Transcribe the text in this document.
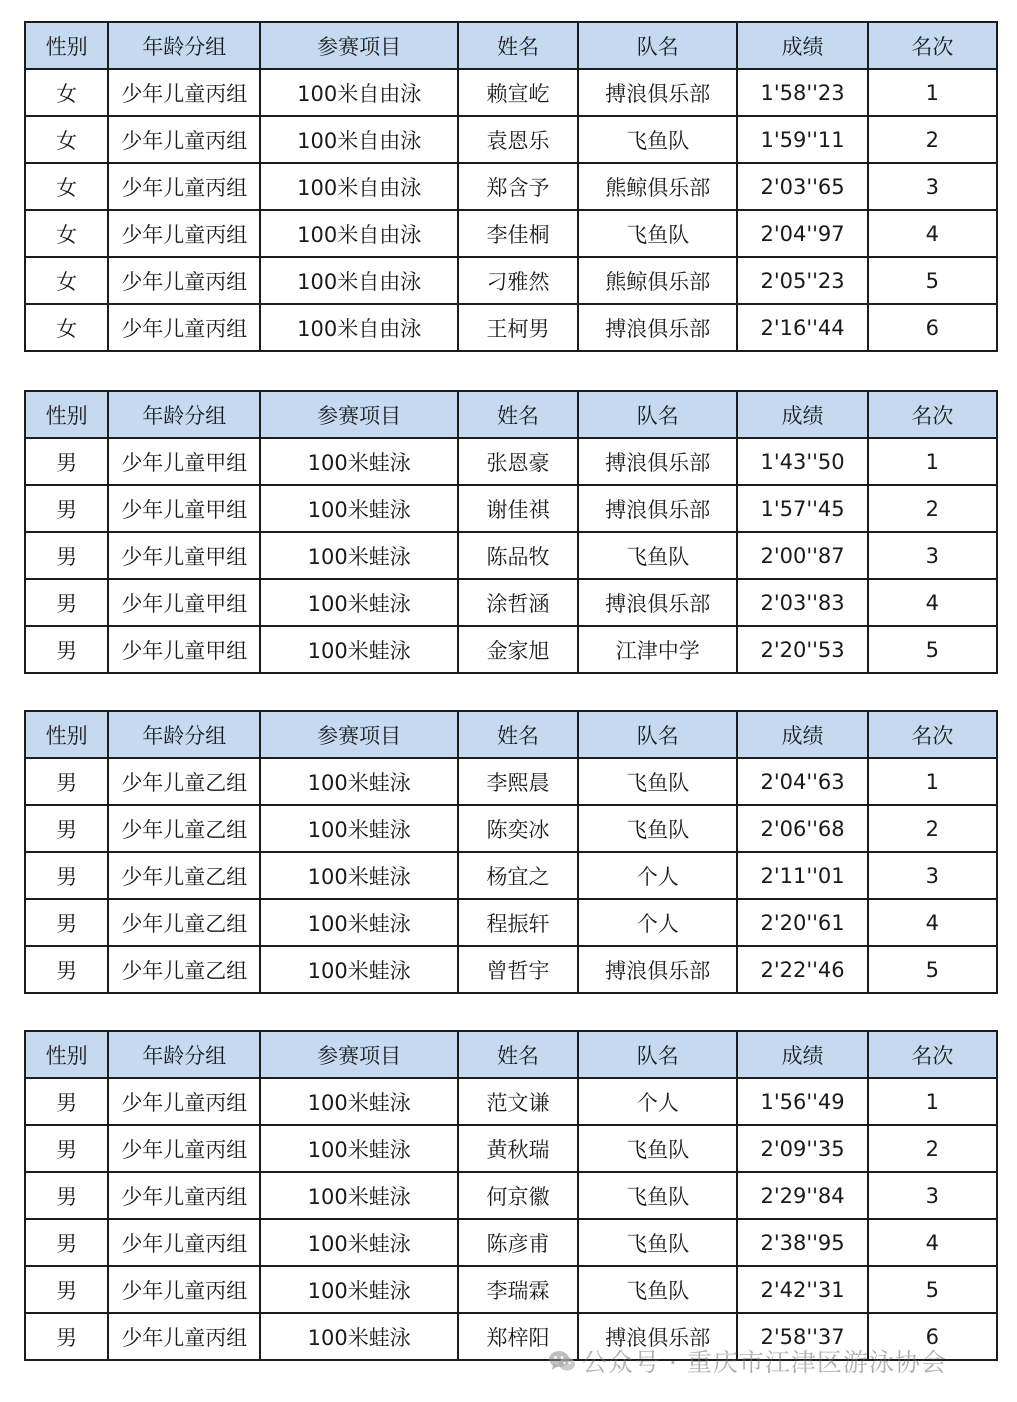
性别	年龄分组	参赛项目	姓名	队名	成绩	名次
女	少年儿童丙组	100米自由泳	赖宣屹	搏浪俱乐部	1'58''23	1
女	少年儿童丙组	100米自由泳	袁恩乐	飞鱼队	1'59''11	2
女	少年儿童丙组	100米自由泳	郑含予	熊鲸俱乐部	2'03''65	3
女	少年儿童丙组	100米自由泳	李佳桐	飞鱼队	2'04''97	4
女	少年儿童丙组	100米自由泳	刁雅然	熊鲸俱乐部	2'05''23	5
女	少年儿童丙组	100米自由泳	王柯男	搏浪俱乐部	2'16''44	6
性别	年龄分组	参赛项目	姓名	队名	成绩	名次
男	少年儿童甲组	100米蛙泳	张恩豪	搏浪俱乐部	1'43''50	1
男	少年儿童甲组	100米蛙泳	谢佳祺	搏浪俱乐部	1'57''45	2
男	少年儿童甲组	100米蛙泳	陈品牧	飞鱼队	2'00''87	3
男	少年儿童甲组	100米蛙泳	涂哲涵	搏浪俱乐部	2'03''83	4
男	少年儿童甲组	100米蛙泳	金家旭	江津中学	2'20''53	5
性别	年龄分组	参赛项目	姓名	队名	成绩	名次
男	少年儿童乙组	100米蛙泳	李熙晨	飞鱼队	2'04''63	1
男	少年儿童乙组	100米蛙泳	陈奕冰	飞鱼队	2'06''68	2
男	少年儿童乙组	100米蛙泳	杨宜之	个人	2'11''01	3
男	少年儿童乙组	100米蛙泳	程振轩	个人	2'20''61	4
男	少年儿童乙组	100米蛙泳	曾哲宇	搏浪俱乐部	2'22''46	5
性别	年龄分组	参赛项目	姓名	队名	成绩	名次
男	少年儿童丙组	100米蛙泳	范文谦	个人	1'56''49	1
男	少年儿童丙组	100米蛙泳	黄秋瑞	飞鱼队	2'09''35	2
男	少年儿童丙组	100米蛙泳	何京徽	飞鱼队	2'29''84	3
男	少年儿童丙组	100米蛙泳	陈彦甫	飞鱼队	2'38''95	4
男	少年儿童丙组	100米蛙泳	李瑞霖	飞鱼队	2'42''31	5
男	少年儿童丙组	100米蛙泳	郑梓阳	搏浪俱乐部	2'58''37	6
公众号 · 重庆市江津区游泳协会
